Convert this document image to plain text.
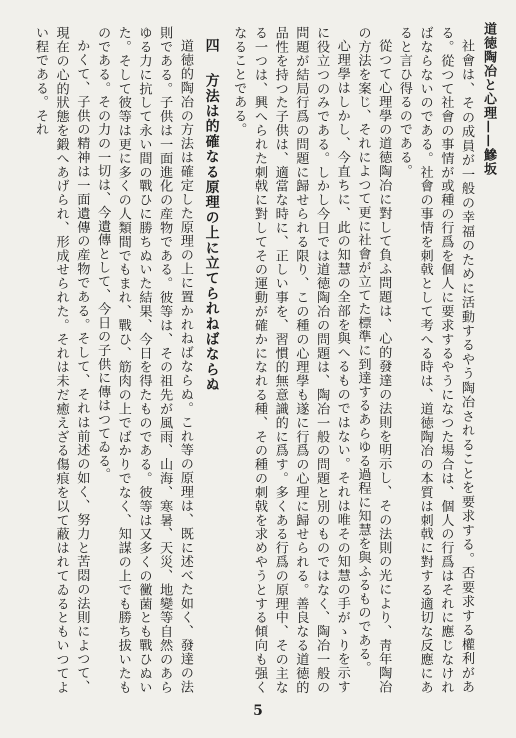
道徳陶冶と心理——鰺坂

社會は、その成員が一般の幸福のために活動するやう陶冶されることを要求する。否要求する權利がある。從つて社會の事情が或種の行爲を個人に要求するやうになつた場合は、個人の行爲はそれに應じなければならないのである。社會の事情を刺戟として考へる時は、道徳陶冶の本質は刺戟に對する適切な反應にあると言ひ得るのである。

從つて心理學の道徳陶冶に對して負ふ問題は、心的發達の法則を明示し、その法則の光により、靑年陶冶の方法を案じ、それによつて更に社會が立てた標準に到達するあらゆる過程に知慧を與ふるものである。

心理學はしかし、今直ちに、此の知慧の全部を與へるものではない。それは唯その知慧の手がゝりを示すに役立つのみである。しかし今日では道徳陶冶の問題は、陶冶一般の問題と別のものではなく、陶冶一般の問題が結局行爲の問題に歸せられる限り、この種の心理學も遂に行爲の心理に歸せられる。善良なる道徳的品性を持つた子供は、適當な時に、正しい事を、習慣的無意識的に爲す。多くある行爲の原理中、その主なる一つは、興へられた刺戟に對してその運動が確かになれる種、その種の刺戟を求めやうとする傾向も强くなることである。

四 方法は的確なる原理の上に立てられねばならぬ

道徳的陶冶の方法は確定した原理の上に置かれねばならぬ。これ等の原理は、既に述べた如く、發達の法則である。子供は一面進化の産物である。彼等は、その祖先が風雨、山海、寒暑、天災、地變等自然のあらゆる力に抗して永い間の戰ひに勝ちぬいた結果、今日を得たものである。彼等は又多くの黴菌とも戰ひぬいた。そして彼等は更に多くの人類間でもまれ、戰ひ、筋肉の上でばかりでなく、知謀の上でも勝ち拔いたものである。その力の一切は、今遺傳として、今日の子供に傳はつてゐる。

かくて、子供の精神は一面遺傳の産物である。そして、それは前述の如く、努力と苦悶の法則によつて、現在の心的狀態を鍛へあげられ、形成せられた。それは未だ癒えざる傷痕を以て蔽はれてゐるともいつてよい程である。それ

5
